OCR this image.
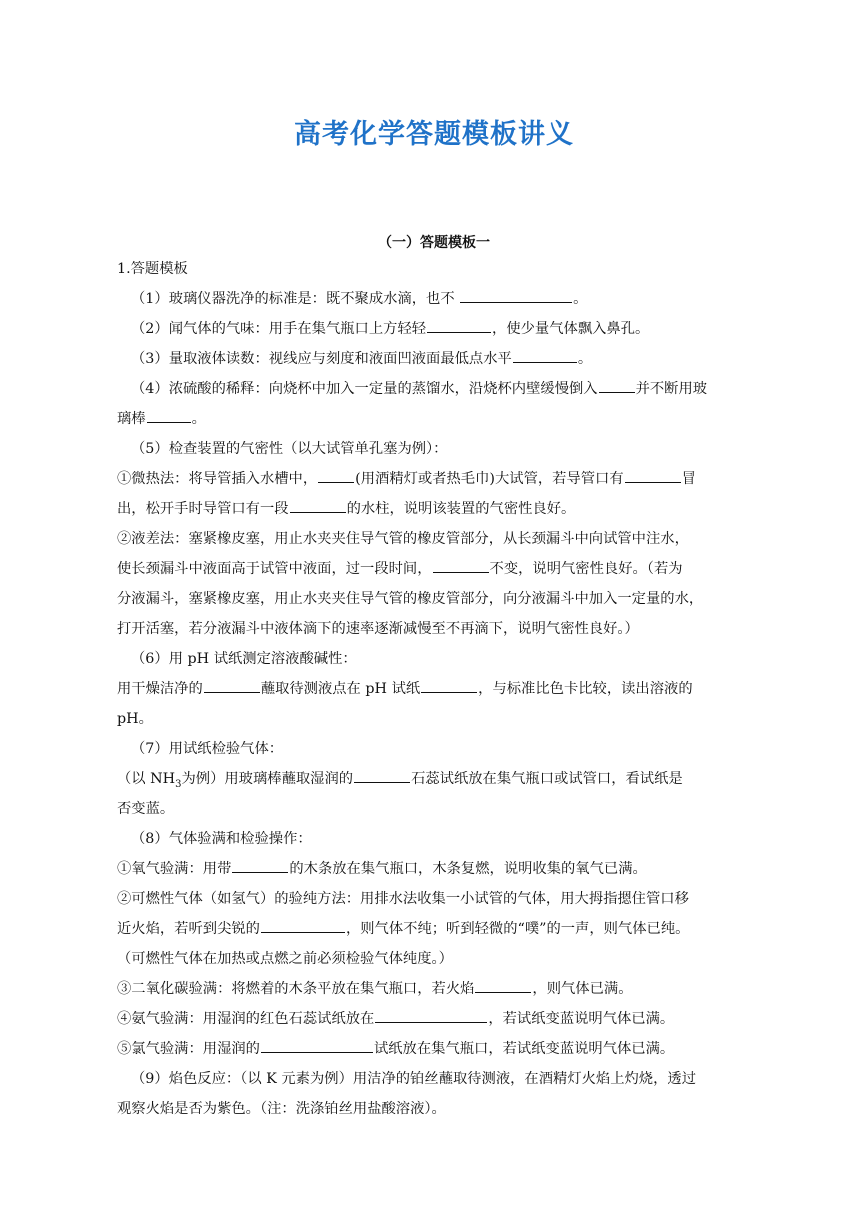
高考化学答题模板讲义
（一）答题模板一

1.答题模板

（1）玻璃仪器洗净的标准是：既不聚成水滴，也不	。

（2）闻气体的气味：用手在集气瓶口上方轻轻	，使少量气体飘入鼻孔。

（3）量取液体读数：视线应与刻度和液面凹液面最低点水平	。

（4）浓硫酸的稀释：向烧杯中加入一定量的蒸馏水，沿烧杯内壁缓慢倒入	并不断用玻

璃棒	。

（5）检查装置的气密性（以大试管单孔塞为例）：

①微热法：将导管插入水槽中，	(用酒精灯或者热毛巾)大试管，若导管口有	冒

出，松开手时导管口有一段	的水柱，说明该装置的气密性良好。

②液差法：塞紧橡皮塞，用止水夹夹住导气管的橡皮管部分，从长颈漏斗中向试管中注水，

使长颈漏斗中液面高于试管中液面，过一段时间，	不变，说明气密性良好。（若为

分液漏斗，塞紧橡皮塞，用止水夹夹住导气管的橡皮管部分，向分液漏斗中加入一定量的水，

打开活塞，若分液漏斗中液体滴下的速率逐渐减慢至不再滴下，说明气密性良好。）

（6）用 pH 试纸测定溶液酸碱性：

用干燥洁净的	蘸取待测液点在 pH 试纸	，与标准比色卡比较，读出溶液的

pH。

（7）用试纸检验气体：

（以 $NH_3$为例）用玻璃棒蘸取湿润的	石蕊试纸放在集气瓶口或试管口，看试纸是

否变蓝。

（8）气体验满和检验操作：

①氧气验满：用带	的木条放在集气瓶口，木条复燃，说明收集的氧气已满。

②可燃性气体（如氢气）的验纯方法：用排水法收集一小试管的气体，用大拇指摁住管口移

近火焰，若听到尖锐的	，则气体不纯；听到轻微的“噗”的一声，则气体已纯。

（可燃性气体在加热或点燃之前必须检验气体纯度。）

③二氧化碳验满：将燃着的木条平放在集气瓶口，若火焰	，则气体已满。

④氨气验满：用湿润的红色石蕊试纸放在	，若试纸变蓝说明气体已满。

⑤氯气验满：用湿润的	试纸放在集气瓶口，若试纸变蓝说明气体已满。

（9）焰色反应：（以 K 元素为例）用洁净的铂丝蘸取待测液，在酒精灯火焰上灼烧，透过

观察火焰是否为紫色。（注：洗涤铂丝用盐酸溶液）。
